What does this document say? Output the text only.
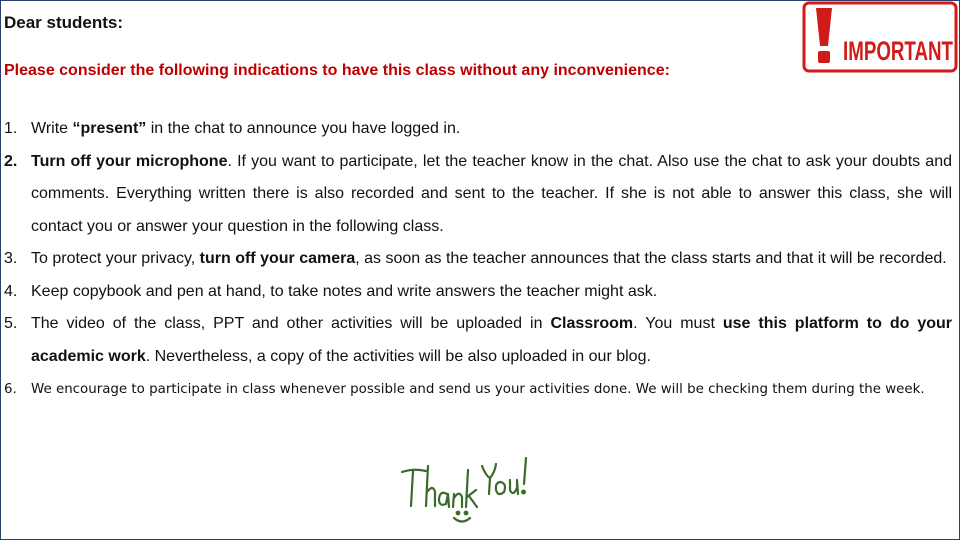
Dear students:
Please consider the following indications to have this class without any inconvenience:
IMPORTANT
1. Write “present” in the chat to announce you have logged in.
2. Turn off your microphone. If you want to participate, let the teacher know in the chat. Also use the chat to ask your doubts and comments. Everything written there is also recorded and sent to the teacher. If she is not able to answer this class, she will contact you or answer your question in the following class.
3. To protect your privacy, turn off your camera, as soon as the teacher announces that the class starts and that it will be recorded.
4. Keep copybook and pen at hand, to take notes and write answers the teacher might ask.
5. The video of the class, PPT and other activities will be uploaded in Classroom. You must use this platform to do your academic work. Nevertheless, a copy of the activities will be also uploaded in our blog.
6. We encourage to participate in class whenever possible and send us your activities done. We will be checking them during the week.
